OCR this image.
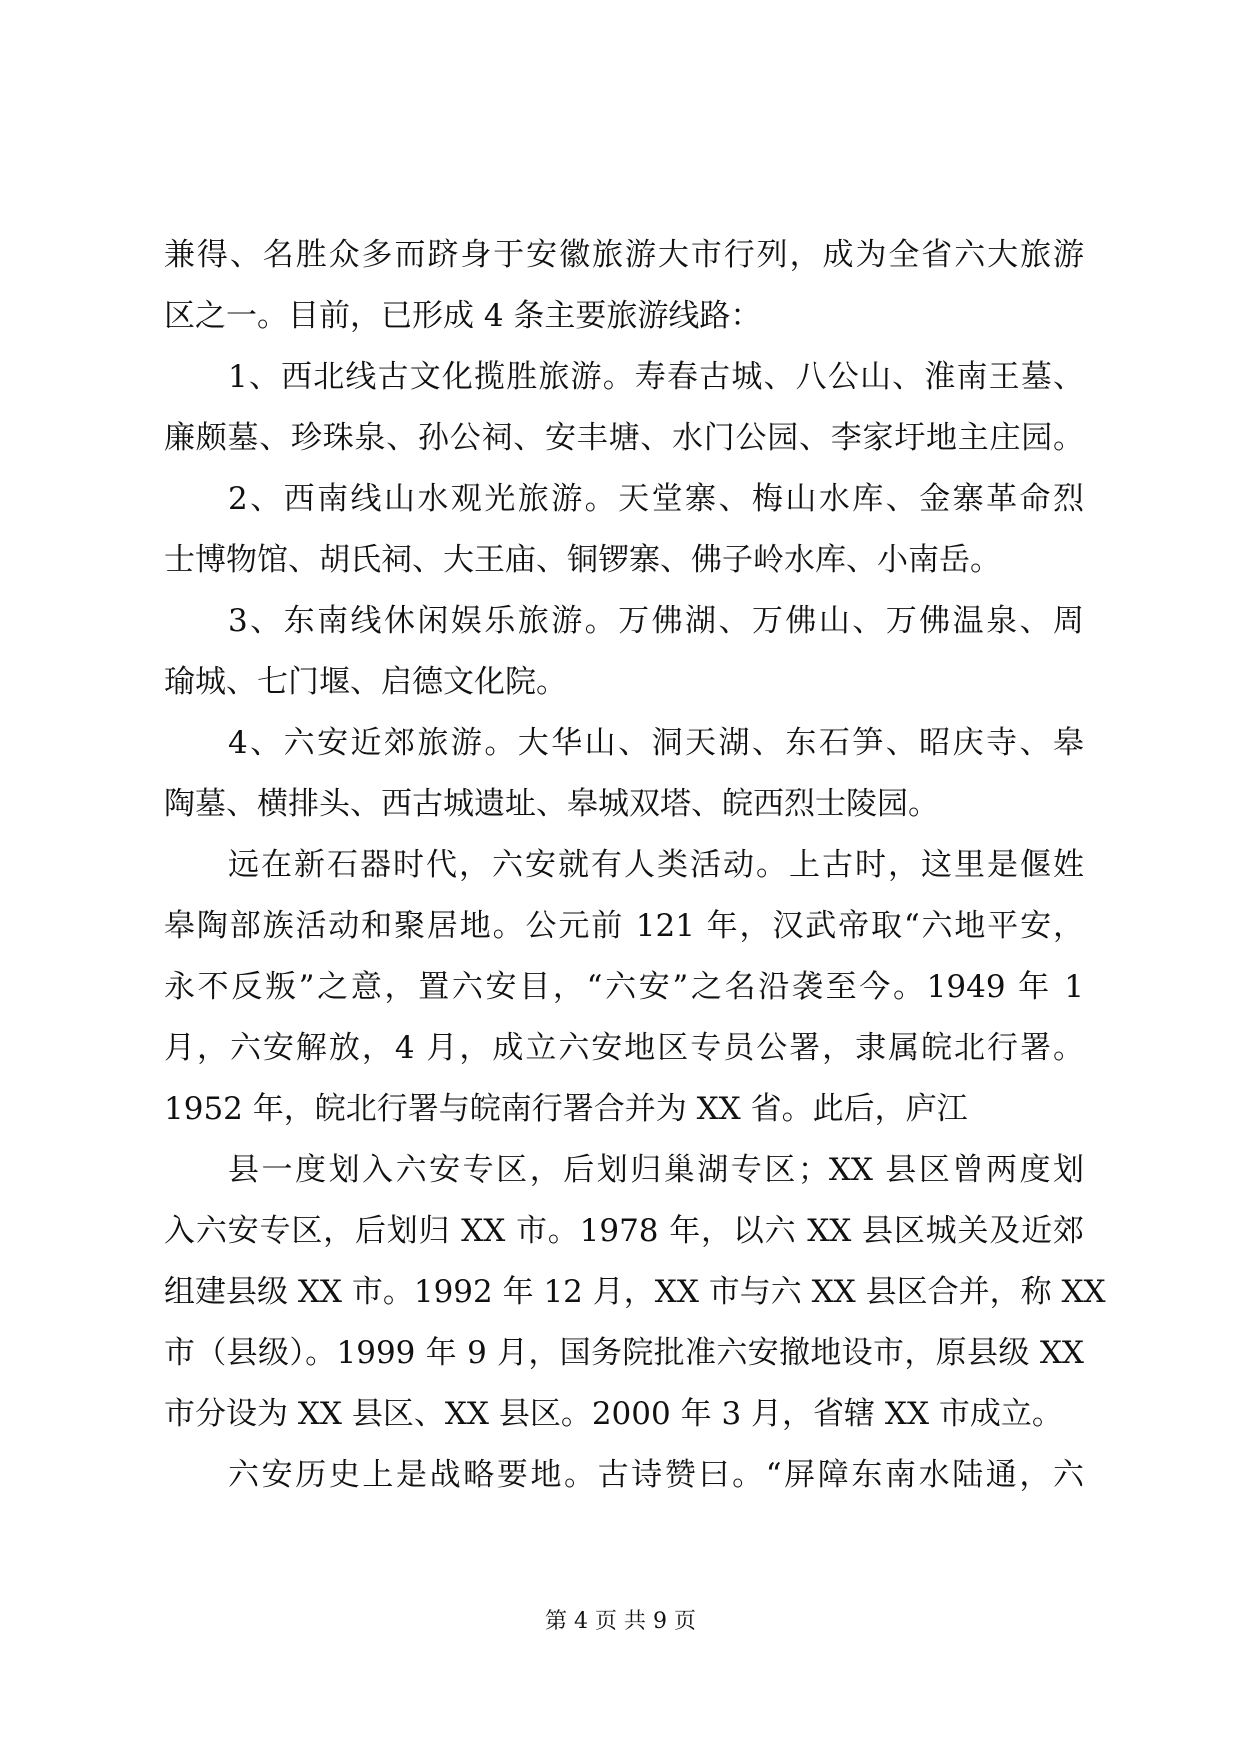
兼得、名胜众多而跻身于安徽旅游大市行列，成为全省六大旅游
区之一。目前，已形成 4 条主要旅游线路：
1、西北线古文化揽胜旅游。寿春古城、八公山、淮南王墓、
廉颇墓、珍珠泉、孙公祠、安丰塘、水门公园、李家圩地主庄园。
2、西南线山水观光旅游。天堂寨、梅山水库、金寨革命烈
士博物馆、胡氏祠、大王庙、铜锣寨、佛子岭水库、小南岳。
3、东南线休闲娱乐旅游。万佛湖、万佛山、万佛温泉、周
瑜城、七门堰、启德文化院。
4、六安近郊旅游。大华山、洞天湖、东石笋、昭庆寺、皋
陶墓、横排头、西古城遗址、皋城双塔、皖西烈士陵园。
远在新石器时代，六安就有人类活动。上古时，这里是偃姓
皋陶部族活动和聚居地。公元前 121 年，汉武帝取“六地平安，
永不反叛”之意，置六安目，“六安”之名沿袭至今。1949 年 1
月，六安解放，4 月，成立六安地区专员公署，隶属皖北行署。
1952 年，皖北行署与皖南行署合并为 XX 省。此后，庐江
县一度划入六安专区，后划归巢湖专区；XX 县区曾两度划
入六安专区，后划归 XX 市。1978 年，以六 XX 县区城关及近郊
组建县级 XX 市。1992 年 12 月，XX 市与六 XX 县区合并，称 XX
市（县级）。1999 年 9 月，国务院批准六安撤地设市，原县级 XX
市分设为 XX 县区、XX 县区。2000 年 3 月，省辖 XX 市成立。
六安历史上是战略要地。古诗赞曰。“屏障东南水陆通，六
第 4 页 共 9 页
